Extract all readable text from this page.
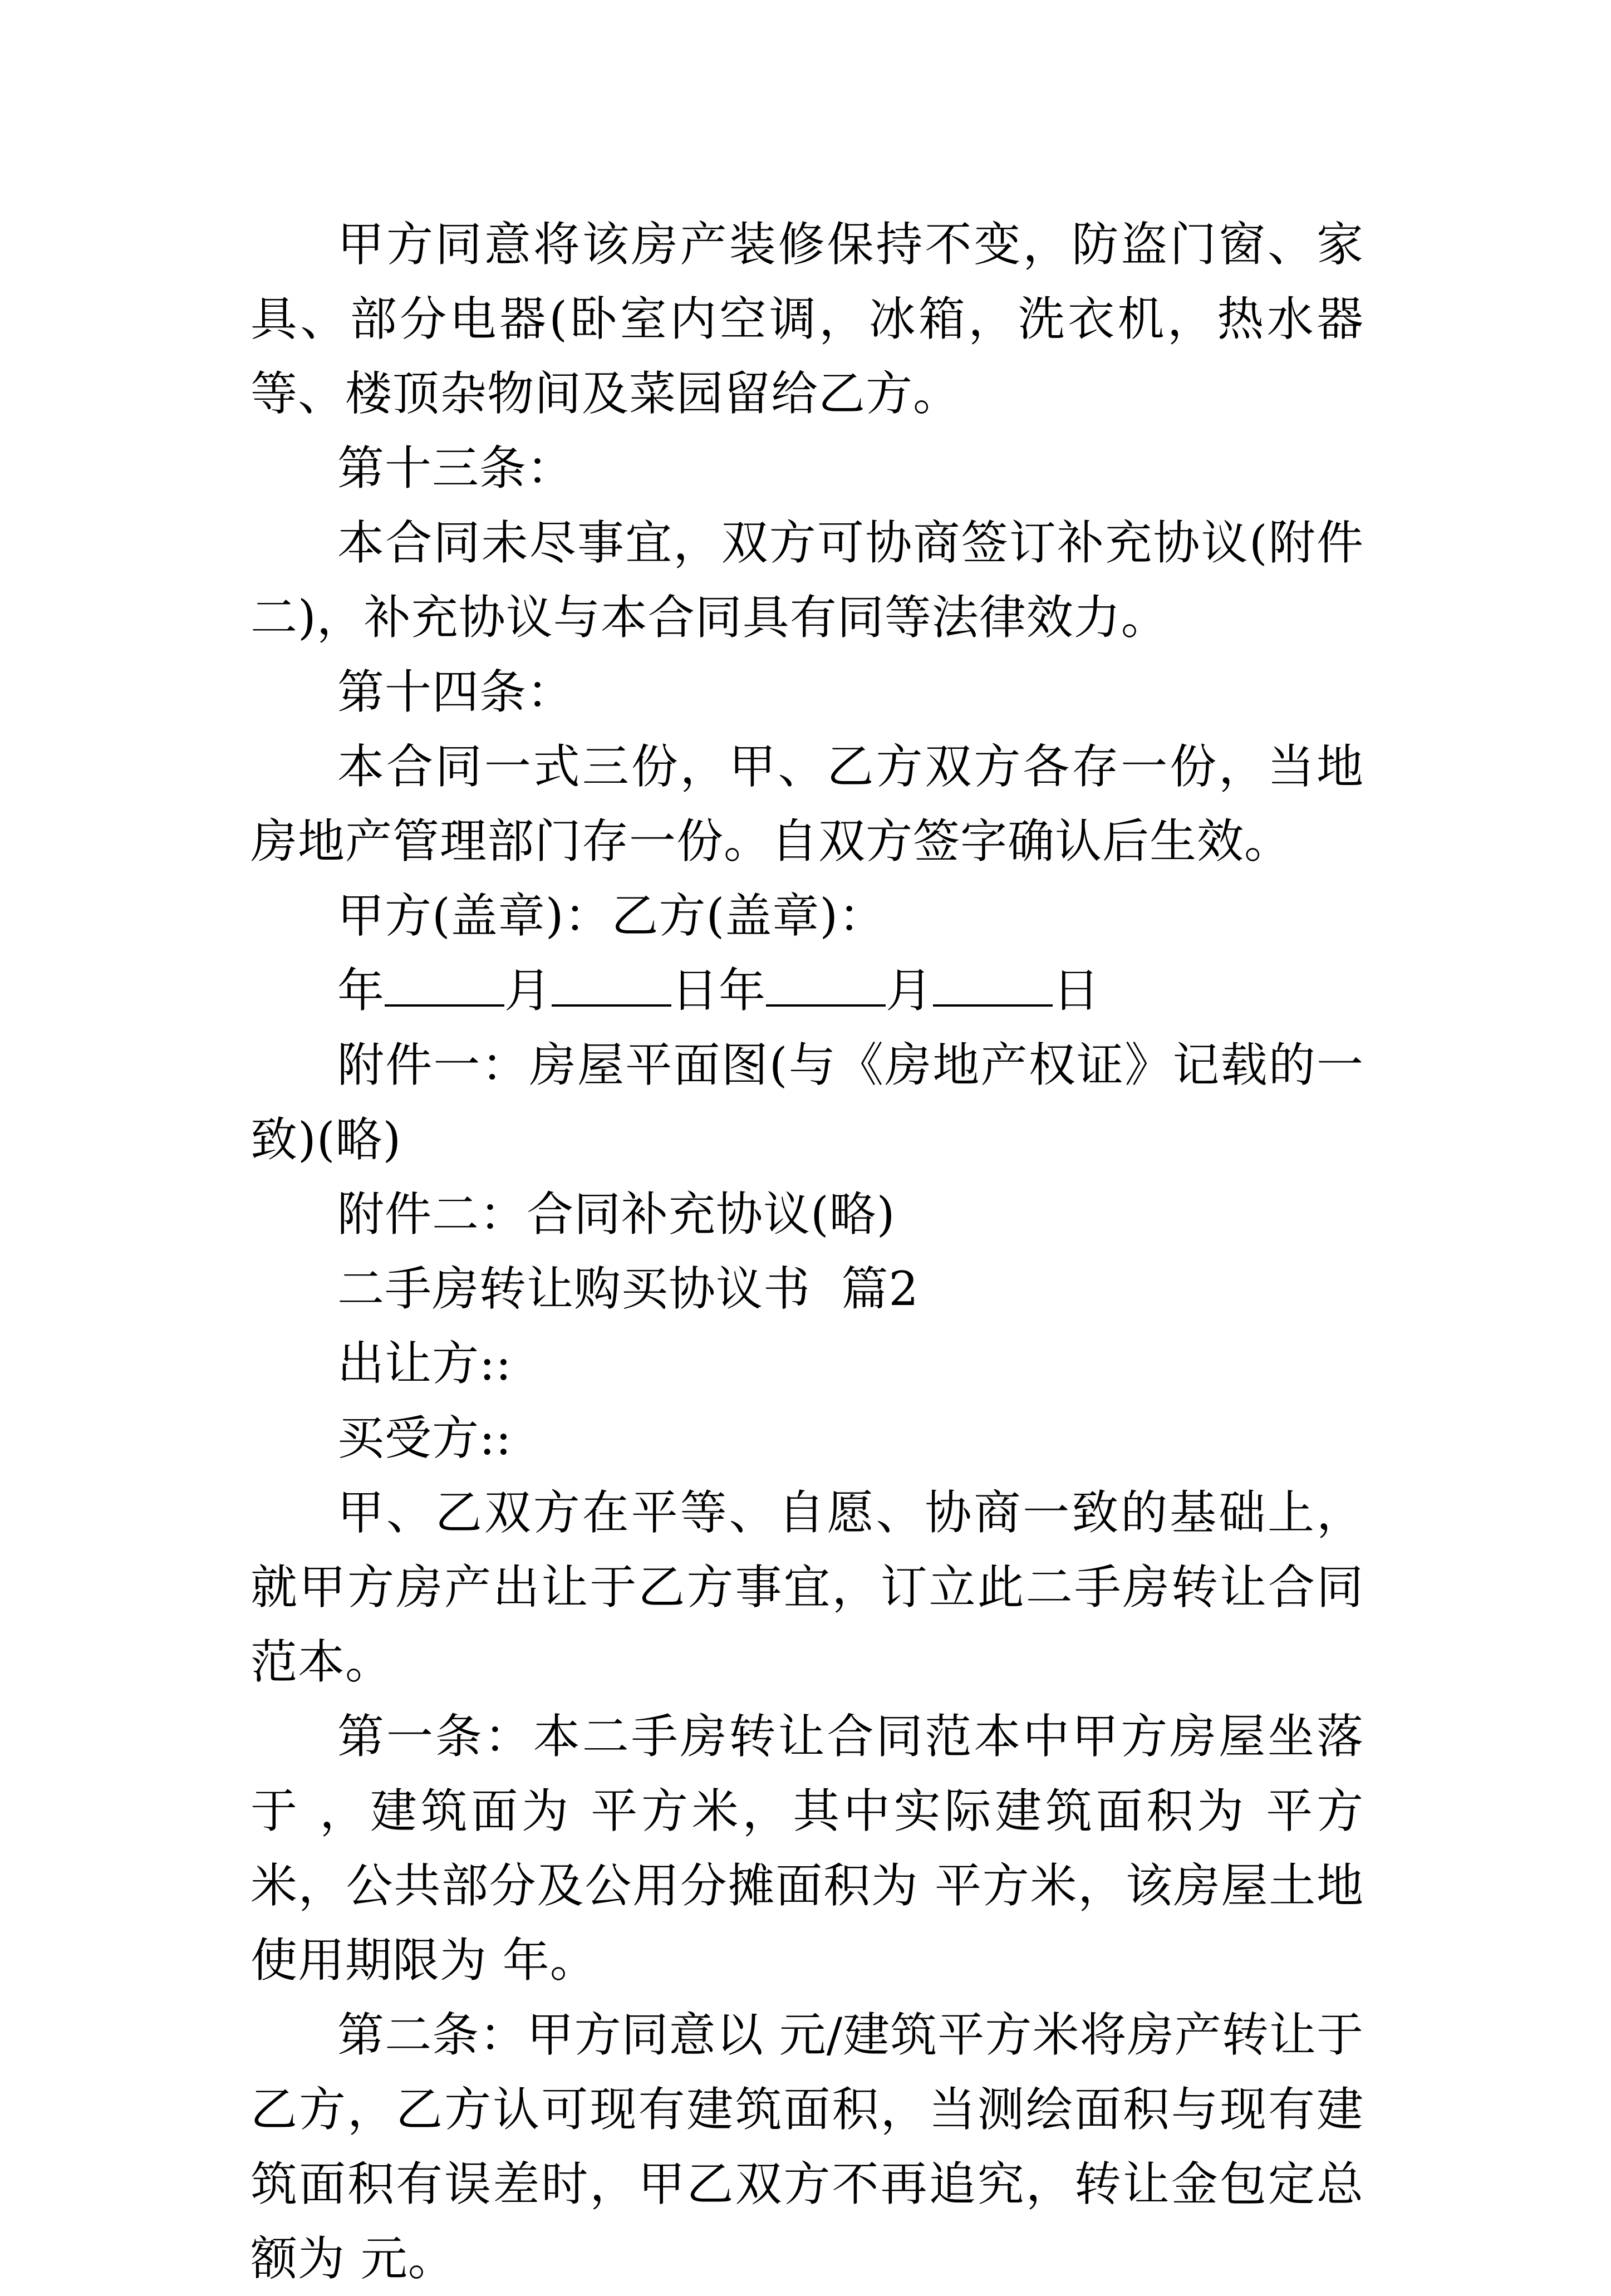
甲方同意将该房产装修保持不变，防盗门窗、家具、部分电器(卧室内空调，冰箱，洗衣机，热水器等、楼顶杂物间及菜园留给乙方。

第十三条：

本合同未尽事宜，双方可协商签订补充协议(附件二)，补充协议与本合同具有同等法律效力。

第十四条：

本合同一式三份，甲、乙方双方各存一份，当地房地产管理部门存一份。自双方签字确认后生效。

甲方(盖章)：乙方(盖章)：

年	月	日年	月	日

附件一：房屋平面图(与《房地产权证》记载的一致)(略)

附件二：合同补充协议(略)

二手房转让购买协议书  篇2

出让方::

买受方::

甲、乙双方在平等、自愿、协商一致的基础上，就甲方房产出让于乙方事宜，订立此二手房转让合同范本。

第一条：本二手房转让合同范本中甲方房屋坐落于 ，建筑面为 平方米，其中实际建筑面积为 平方米，公共部分及公用分摊面积为 平方米，该房屋土地使用期限为 年。

第二条：甲方同意以 元/建筑平方米将房产转让于乙方，乙方认可现有建筑面积，当测绘面积与现有建筑面积有误差时，甲乙双方不再追究，转让金包定总额为 元。
